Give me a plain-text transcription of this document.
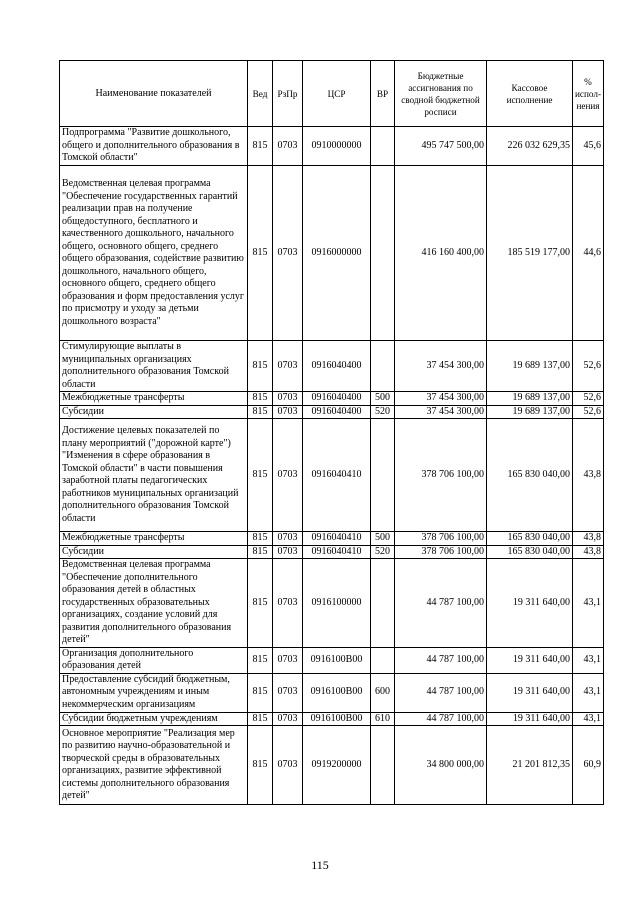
Наименование показателей	Вед	РзПр	ЦСР	ВР	Бюджетные ассигнования по сводной бюджетной росписи	Кассовое исполнение	%
испол-
нения

Подпрограмма "Развитие дошкольного, общего и дополнительного образования в Томской области"	815	0703	0910000000		495 747 500,00	226 032 629,35	45,6
Ведомственная целевая программа "Обеспечение государственных гарантий реализации прав на получение общедоступного, бесплатного и качественного дошкольного, начального общего, основного общего, среднего общего образования, содействие развитию дошкольного, начального общего, основного общего, среднего общего образования и форм предоставления услуг по присмотру и уходу за детьми дошкольного возраста"	815	0703	0916000000		416 160 400,00	185 519 177,00	44,6
Стимулирующие выплаты в муниципальных организациях дополнительного образования Томской области	815	0703	0916040400		37 454 300,00	19 689 137,00	52,6
Межбюджетные трансферты	815	0703	0916040400	500	37 454 300,00	19 689 137,00	52,6
Субсидии	815	0703	0916040400	520	37 454 300,00	19 689 137,00	52,6
Достижение целевых показателей по плану мероприятий ("дорожной карте") "Изменения в сфере образования в Томской области" в части повышения заработной платы педагогических работников муниципальных организаций дополнительного образования Томской области	815	0703	0916040410		378 706 100,00	165 830 040,00	43,8
Межбюджетные трансферты	815	0703	0916040410	500	378 706 100,00	165 830 040,00	43,8
Субсидии	815	0703	0916040410	520	378 706 100,00	165 830 040,00	43,8
Ведомственная целевая программа "Обеспечение дополнительного образования детей в областных государственных образовательных организациях, создание условий для развития дополнительного образования детей"	815	0703	0916100000		44 787 100,00	19 311 640,00	43,1
Организация дополнительного образования детей	815	0703	0916100В00		44 787 100,00	19 311 640,00	43,1
Предоставление субсидий бюджетным, автономным учреждениям и иным некоммерческим организациям	815	0703	0916100В00	600	44 787 100,00	19 311 640,00	43,1
Субсидии бюджетным учреждениям	815	0703	0916100В00	610	44 787 100,00	19 311 640,00	43,1
Основное мероприятие "Реализация мер по развитию научно-образовательной и творческой среды в образовательных организациях, развитие эффективной системы дополнительного образования детей"	815	0703	0919200000		34 800 000,00	21 201 812,35	60,9
115
